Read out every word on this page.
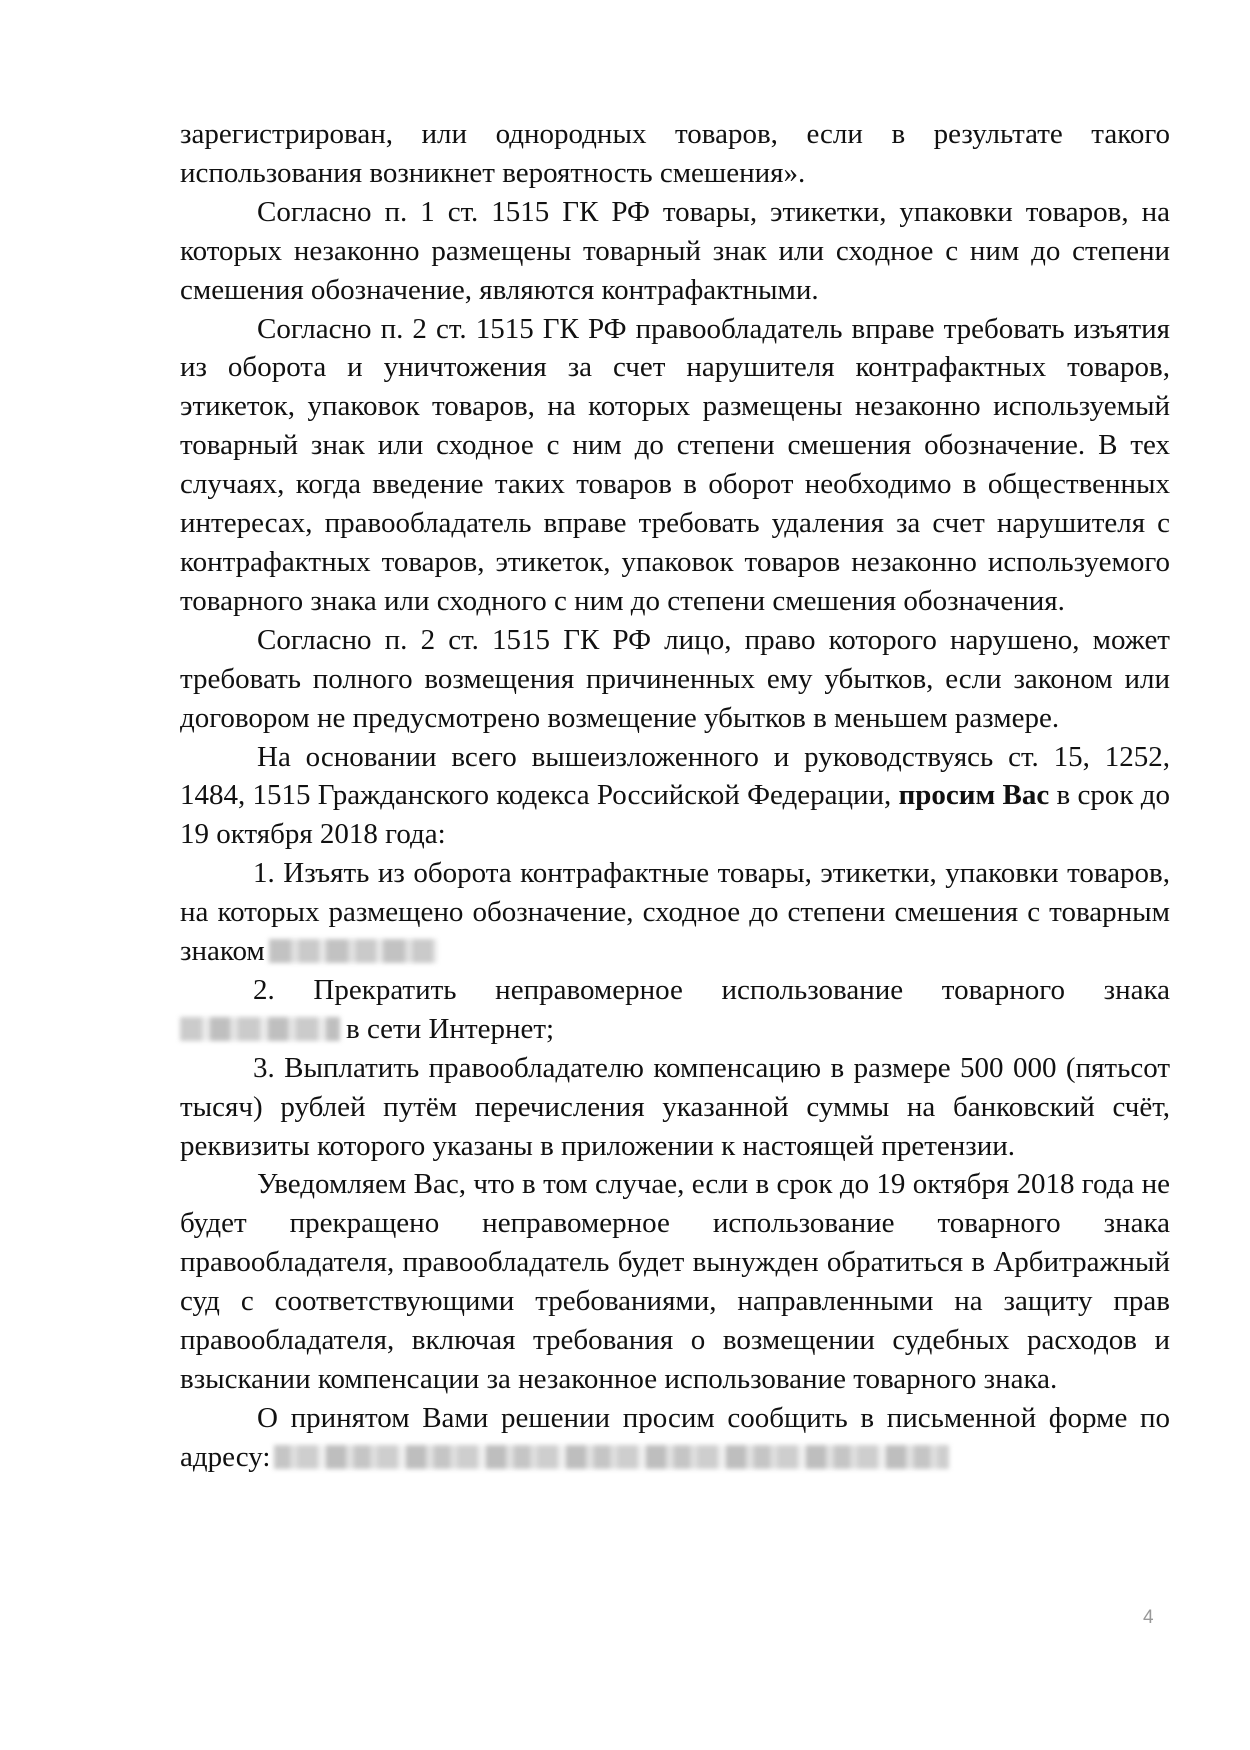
зарегистрирован, или однородных товаров, если в результате такого использования возникнет вероятность смешения».

Согласно п. 1 ст. 1515 ГК РФ товары, этикетки, упаковки товаров, на которых незаконно размещены товарный знак или сходное с ним до степени смешения обозначение, являются контрафактными.

Согласно п. 2 ст. 1515 ГК РФ правообладатель вправе требовать изъятия из оборота и уничтожения за счет нарушителя контрафактных товаров, этикеток, упаковок товаров, на которых размещены незаконно используемый товарный знак или сходное с ним до степени смешения обозначение. В тех случаях, когда введение таких товаров в оборот необходимо в общественных интересах, правообладатель вправе требовать удаления за счет нарушителя с контрафактных товаров, этикеток, упаковок товаров незаконно используемого товарного знака или сходного с ним до степени смешения обозначения.

Согласно п. 2 ст. 1515 ГК РФ лицо, право которого нарушено, может требовать полного возмещения причиненных ему убытков, если законом или договором не предусмотрено возмещение убытков в меньшем размере.

На основании всего вышеизложенного и руководствуясь ст. 15, 1252, 1484, 1515 Гражданского кодекса Российской Федерации, просим Вас в срок до 19 октября 2018 года:

1. Изъять из оборота контрафактные товары, этикетки, упаковки товаров, на которых размещено обозначение, сходное до степени смешения с товарным знаком

2. Прекратить неправомерное использование товарного знака в сети Интернет;

3. Выплатить правообладателю компенсацию в размере 500 000 (пятьсот тысяч) рублей путём перечисления указанной суммы на банковский счёт, реквизиты которого указаны в приложении к настоящей претензии.

Уведомляем Вас, что в том случае, если в срок до 19 октября 2018 года не будет прекращено неправомерное использование товарного знака правообладателя, правообладатель будет вынужден обратиться в Арбитражный суд с соответствующими требованиями, направленными на защиту прав правообладателя, включая требования о возмещении судебных расходов и взыскании компенсации за незаконное использование товарного знака.

О принятом Вами решении просим сообщить в письменной форме по адресу:

4
